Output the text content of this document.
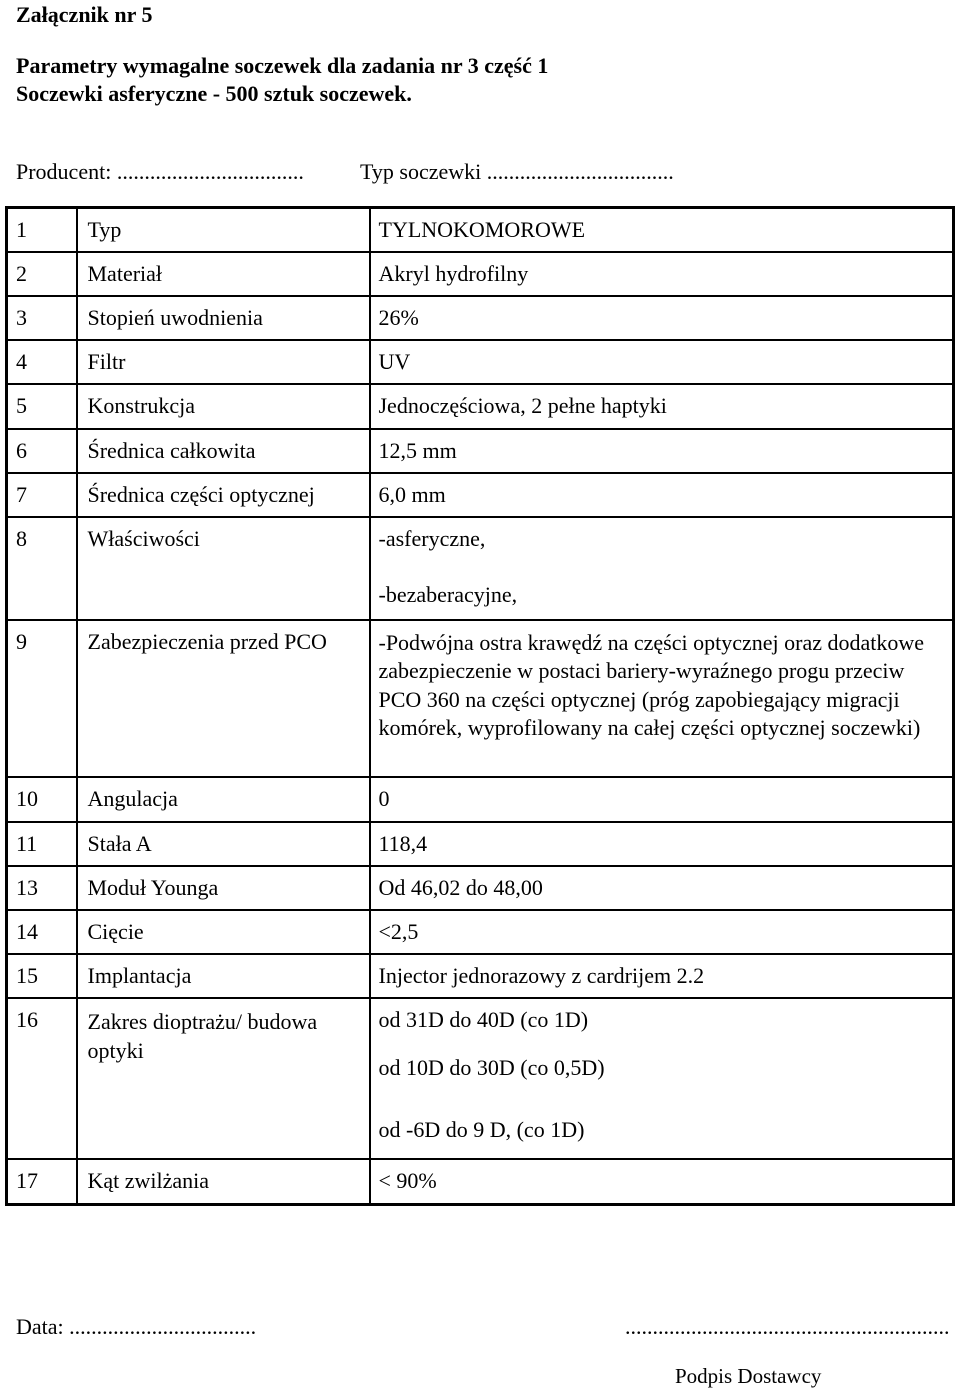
Załącznik nr 5
Parametry wymagalne soczewek dla zadania nr 3 część 1
Soczewki asferyczne - 500 sztuk soczewek.
Producent: ..................................	Typ soczewki ..................................
1	Typ	TYLNOKOMOROWE

2	Materiał	Akryl hydrofilny

3	Stopień uwodnienia	26%

4	Filtr	UV

5	Konstrukcja	Jednoczęściowa, 2 pełne haptyki

6	Średnica całkowita	12,5 mm

7	Średnica części optycznej	6,0 mm

8	Właściwości	-asferyczne,
-bezaberacyjne,

9	Zabezpieczenia przed PCO	-Podwójna ostra krawędź na części optycznej oraz dodatkowe zabezpieczenie w postaci bariery-wyraźnego progu przeciw PCO 360 na części optycznej (próg zapobiegający migracji komórek, wyprofilowany na całej części optycznej soczewki)

10	Angulacja	0

11	Stała A	118,4

13	Moduł Younga	Od 46,02 do 48,00

14	Cięcie	<2,5

15	Implantacja	Injector jednorazowy z cardrijem 2.2

16	Zakres dioptrażu/ budowa optyki	od 31D do 40D (co 1D)
od 10D do 30D (co 0,5D)
od -6D do 9 D, (co 1D)

17	Kąt zwilżania	< 90%
Data: ..................................	...........................................................
Podpis Dostawcy
